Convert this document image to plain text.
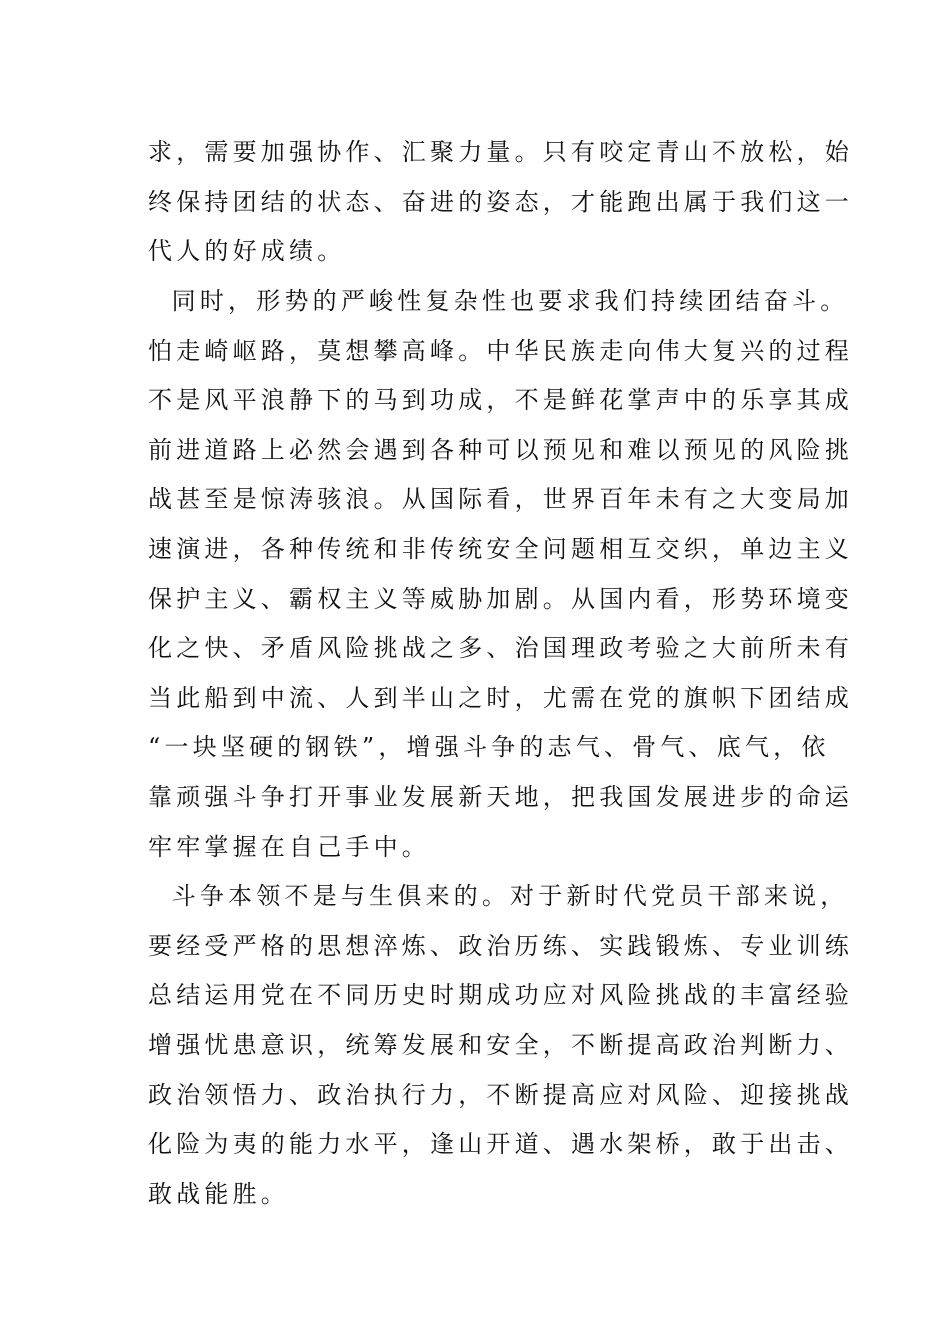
求，需要加强协作、汇聚力量。只有咬定青山不放松，始
终保持团结的状态、奋进的姿态，才能跑出属于我们这一
代人的好成绩。
同时，形势的严峻性复杂性也要求我们持续团结奋斗。
怕走崎岖路，莫想攀高峰。中华民族走向伟大复兴的过程
不是风平浪静下的马到功成，不是鲜花掌声中的乐享其成
前进道路上必然会遇到各种可以预见和难以预见的风险挑
战甚至是惊涛骇浪。从国际看，世界百年未有之大变局加
速演进，各种传统和非传统安全问题相互交织，单边主义
保护主义、霸权主义等威胁加剧。从国内看，形势环境变
化之快、矛盾风险挑战之多、治国理政考验之大前所未有
当此船到中流、人到半山之时，尤需在党的旗帜下团结成
“一块坚硬的钢铁”，增强斗争的志气、骨气、底气，依
靠顽强斗争打开事业发展新天地，把我国发展进步的命运
牢牢掌握在自己手中。
斗争本领不是与生俱来的。对于新时代党员干部来说，
要经受严格的思想淬炼、政治历练、实践锻炼、专业训练
总结运用党在不同历史时期成功应对风险挑战的丰富经验
增强忧患意识，统筹发展和安全，不断提高政治判断力、
政治领悟力、政治执行力，不断提高应对风险、迎接挑战
化险为夷的能力水平，逢山开道、遇水架桥，敢于出击、
敢战能胜。
